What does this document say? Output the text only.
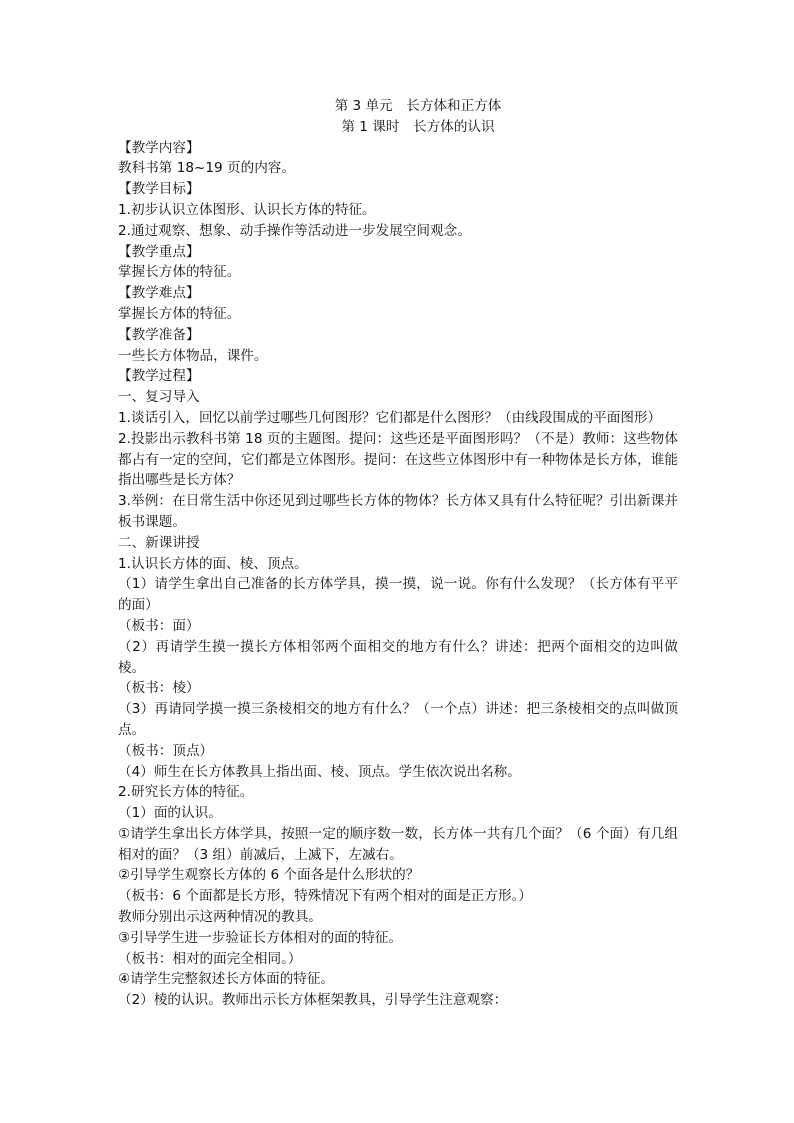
第 3 单元　长方体和正方体

第 1 课时　长方体的认识

【教学内容】

教科书第 18~19 页的内容。

【教学目标】

1.初步认识立体图形、认识长方体的特征。

2.通过观察、想象、动手操作等活动进一步发展空间观念。

【教学重点】

掌握长方体的特征。

【教学难点】

掌握长方体的特征。

【教学准备】

一些长方体物品，课件。

【教学过程】

一、复习导入

1.谈话引入，回忆以前学过哪些几何图形？它们都是什么图形？（由线段围成的平面图形）

2.投影出示教科书第 18 页的主题图。提问：这些还是平面图形吗？（不是）教师：这些物体都占有一定的空间，它们都是立体图形。提问：在这些立体图形中有一种物体是长方体，谁能指出哪些是长方体？

3.举例：在日常生活中你还见到过哪些长方体的物体？长方体又具有什么特征呢？引出新课并板书课题。

二、新课讲授

1.认识长方体的面、棱、顶点。

（1）请学生拿出自己准备的长方体学具，摸一摸，说一说。你有什么发现？（长方体有平平的面）

（板书：面）

（2）再请学生摸一摸长方体相邻两个面相交的地方有什么？讲述：把两个面相交的边叫做棱。

（板书：棱）

（3）再请同学摸一摸三条棱相交的地方有什么？（一个点）讲述：把三条棱相交的点叫做顶点。

（板书：顶点）

（4）师生在长方体教具上指出面、棱、顶点。学生依次说出名称。

2.研究长方体的特征。

（1）面的认识。

①请学生拿出长方体学具，按照一定的顺序数一数，长方体一共有几个面？（6 个面）有几组相对的面？（3 组）前㓕后，上㓕下，左㓕右。

②引导学生观察长方体的 6 个面各是什么形状的？

（板书：6 个面都是长方形，特殊情况下有两个相对的面是正方形。）

教师分别出示这两种情况的教具。

③引导学生进一步验证长方体相对的面的特征。

（板书：相对的面完全相同。）

④请学生完整叙述长方体面的特征。

（2）棱的认识。教师出示长方体框架教具，引导学生注意观察：
